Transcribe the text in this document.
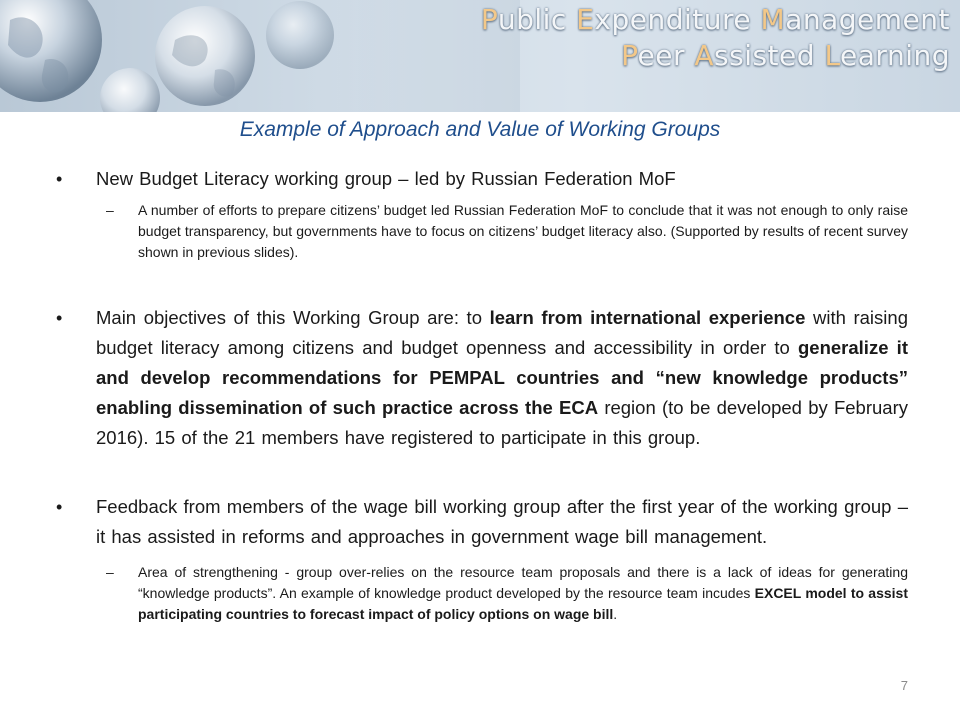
Public Expenditure Management
Peer Assisted Learning
Example of Approach and Value of Working Groups

• New Budget Literacy working group – led by Russian Federation MoF

– A number of efforts to prepare citizens’ budget led Russian Federation MoF to conclude that it was not enough to only raise budget transparency, but governments have to focus on citizens’ budget literacy also. (Supported by results of recent survey shown in previous slides).

• Main objectives of this Working Group are: to learn from international experience with raising budget literacy among citizens and budget openness and accessibility in order to generalize it and develop recommendations for PEMPAL countries and “new knowledge products” enabling dissemination of such practice across the ECA region (to be developed by February 2016). 15 of the 21 members have registered to participate in this group.

• Feedback from members of the wage bill working group after the first year of the working group – it has assisted in reforms and approaches in government wage bill management.

– Area of strengthening - group over-relies on the resource team proposals and there is a lack of ideas for generating “knowledge products”. An example of knowledge product developed by the resource team incudes EXCEL model to assist participating countries to forecast impact of policy options on wage bill.

7
